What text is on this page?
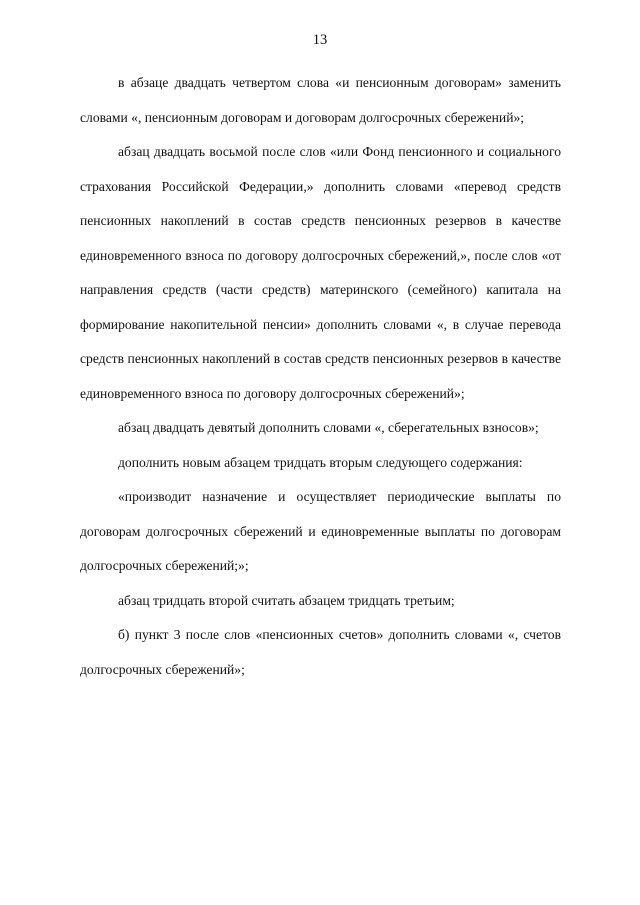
13

в абзаце двадцать четвертом слова «и пенсионным договорам» заменить словами «, пенсионным договорам и договорам долгосрочных сбережений»;

абзац двадцать восьмой после слов «или Фонд пенсионного и социального страхования Российской Федерации,» дополнить словами «перевод средств пенсионных накоплений в состав средств пенсионных резервов в качестве единовременного взноса по договору долгосрочных сбережений,», после слов «от направления средств (части средств) материнского (семейного) капитала на формирование накопительной пенсии» дополнить словами «, в случае перевода средств пенсионных накоплений в состав средств пенсионных резервов в качестве единовременного взноса по договору долгосрочных сбережений»;

абзац двадцать девятый дополнить словами «, сберегательных взносов»;

дополнить новым абзацем тридцать вторым следующего содержания:

«производит назначение и осуществляет периодические выплаты по договорам долгосрочных сбережений и единовременные выплаты по договорам долгосрочных сбережений;»;

абзац тридцать второй считать абзацем тридцать третьим;

б) пункт 3 после слов «пенсионных счетов» дополнить словами «, счетов долгосрочных сбережений»;
